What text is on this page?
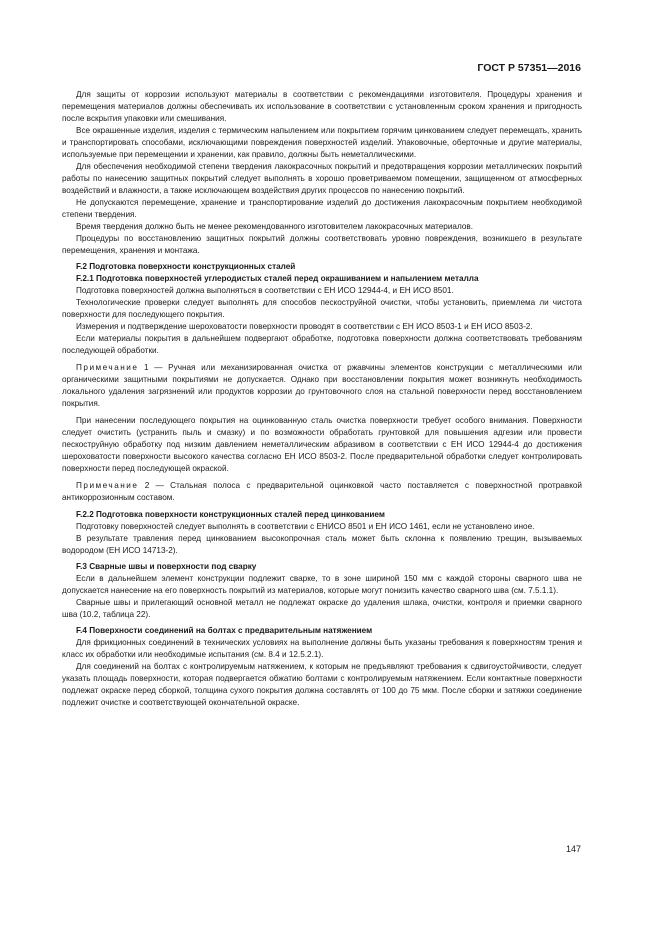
ГОСТ Р 57351—2016

Для защиты от коррозии используют материалы в соответствии с рекомендациями изготовителя. Процедуры хранения и перемещения материалов должны обеспечивать их использование в соответствии с установленным сроком хранения и пригодность после вскрытия упаковки или смешивания.

Все окрашенные изделия, изделия с термическим напылением или покрытием горячим цинкованием следует перемещать, хранить и транспортировать способами, исключающими повреждения поверхностей изделий. Упаковочные, оберточные и другие материалы, используемые при перемещении и хранении, как правило, должны быть неметаллическими.

Для обеспечения необходимой степени твердения лакокрасочных покрытий и предотвращения коррозии металлических покрытий работы по нанесению защитных покрытий следует выполнять в хорошо проветриваемом помещении, защищенном от атмосферных воздействий и влажности, а также исключающем воздействия других процессов по нанесению покрытий.

Не допускаются перемещение, хранение и транспортирование изделий до достижения лакокрасочным покрытием необходимой степени твердения.

Время твердения должно быть не менее рекомендованного изготовителем лакокрасочных материалов.

Процедуры по восстановлению защитных покрытий должны соответствовать уровню повреждения, возникшего в результате перемещения, хранения и монтажа.

F.2 Подготовка поверхности конструкционных сталей

F.2.1 Подготовка поверхностей углеродистых сталей перед окрашиванием и напылением металла

Подготовка поверхностей должна выполняться в соответствии с ЕН ИСО 12944-4, и ЕН ИСО 8501.

Технологические проверки следует выполнять для способов пескоструйной очистки, чтобы установить, приемлема ли чистота поверхности для последующего покрытия.

Измерения и подтверждение шероховатости поверхности проводят в соответствии с ЕН ИСО 8503-1 и ЕН ИСО 8503-2.

Если материалы покрытия в дальнейшем подвергают обработке, подготовка поверхности должна соответствовать требованиям последующей обработки.

Примечание 1 — Ручная или механизированная очистка от ржавчины элементов конструкции с металлическими или органическими защитными покрытиями не допускается. Однако при восстановлении покрытия может возникнуть необходимость локального удаления загрязнений или продуктов коррозии до грунтовочного слоя на стальной поверхности перед восстановлением покрытия.

При нанесении последующего покрытия на оцинкованную сталь очистка поверхности требует особого внимания. Поверхности следует очистить (устранить пыль и смазку) и по возможности обработать грунтовкой для повышения адгезии или провести пескоструйную обработку под низким давлением неметаллическим абразивом в соответствии с ЕН ИСО 12944-4 до достижения шероховатости поверхности высокого качества согласно ЕН ИСО 8503-2. После предварительной обработки следует контролировать поверхности перед последующей окраской.

Примечание 2 — Стальная полоса с предварительной оцинковкой часто поставляется с поверхностной протравкой антикоррозионным составом.

F.2.2 Подготовка поверхности конструкционных сталей перед цинкованием

Подготовку поверхностей следует выполнять в соответствии с ЕНИСО 8501 и ЕН ИСО 1461, если не установлено иное.

В результате травления перед цинкованием высокопрочная сталь может быть склонна к появлению трещин, вызываемых водородом (ЕН ИСО 14713-2).

F.3 Сварные швы и поверхности под сварку

Если в дальнейшем элемент конструкции подлежит сварке, то в зоне шириной 150 мм с каждой стороны сварного шва не допускается нанесение на его поверхность покрытий из материалов, которые могут понизить качество сварного шва (см. 7.5.1.1).

Сварные швы и прилегающий основной металл не подлежат окраске до удаления шлака, очистки, контроля и приемки сварного шва (10.2, таблица 22).

F.4 Поверхности соединений на болтах с предварительным натяжением

Для фрикционных соединений в технических условиях на выполнение должны быть указаны требования к поверхностям трения и класс их обработки или необходимые испытания (см. 8.4 и 12.5.2.1).

Для соединений на болтах с контролируемым натяжением, к которым не предъявляют требования к сдвигоустойчивости, следует указать площадь поверхности, которая подвергается обжатию болтами с контролируемым натяжением. Если контактные поверхности подлежат окраске перед сборкой, толщина сухого покрытия должна составлять от 100 до 75 мкм. После сборки и затяжки соединение подлежит очистке и соответствующей окончательной окраске.

147
